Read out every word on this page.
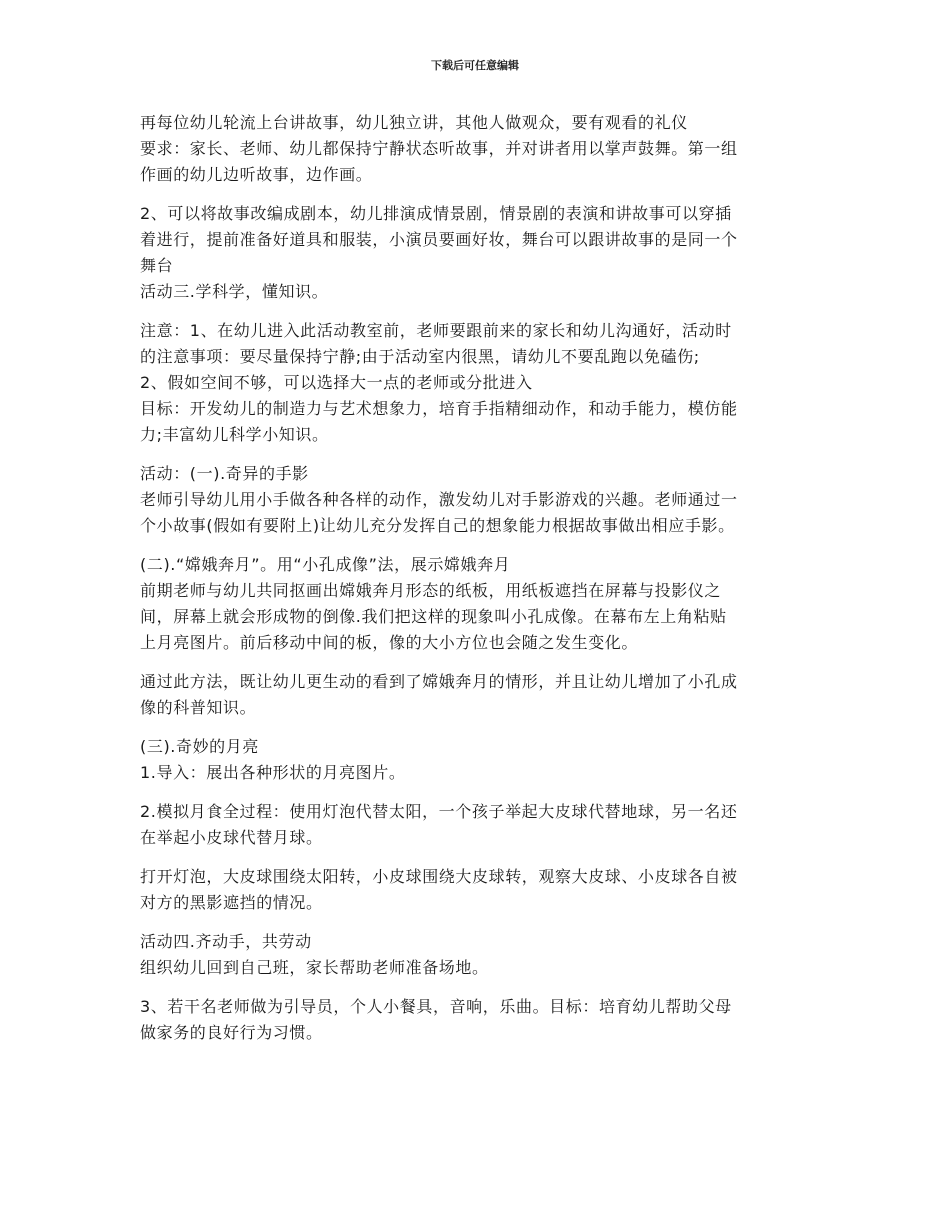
下载后可任意编辑
再每位幼儿轮流上台讲故事，幼儿独立讲，其他人做观众，要有观看的礼仪
要求：家长、老师、幼儿都保持宁静状态听故事，并对讲者用以掌声鼓舞。第一组
作画的幼儿边听故事，边作画。
2、可以将故事改编成剧本，幼儿排演成情景剧，情景剧的表演和讲故事可以穿插
着进行，提前准备好道具和服装，小演员要画好妆，舞台可以跟讲故事的是同一个
舞台
活动三.学科学，懂知识。
注意：1、在幼儿进入此活动教室前，老师要跟前来的家长和幼儿沟通好，活动时
的注意事项：要尽量保持宁静;由于活动室内很黑，请幼儿不要乱跑以免磕伤;
2、假如空间不够，可以选择大一点的老师或分批进入
目标：开发幼儿的制造力与艺术想象力，培育手指精细动作，和动手能力，模仿能
力;丰富幼儿科学小知识。
活动：(一).奇异的手影
老师引导幼儿用小手做各种各样的动作，激发幼儿对手影游戏的兴趣。老师通过一
个小故事(假如有要附上)让幼儿充分发挥自己的想象能力根据故事做出相应手影。
(二).“嫦娥奔月”。用“小孔成像”法，展示嫦娥奔月
前期老师与幼儿共同抠画出嫦娥奔月形态的纸板，用纸板遮挡在屏幕与投影仪之
间，屏幕上就会形成物的倒像.我们把这样的现象叫小孔成像。在幕布左上角粘贴
上月亮图片。前后移动中间的板，像的大小方位也会随之发生变化。
通过此方法，既让幼儿更生动的看到了嫦娥奔月的情形，并且让幼儿增加了小孔成
像的科普知识。
(三).奇妙的月亮
1.导入：展出各种形状的月亮图片。
2.模拟月食全过程：使用灯泡代替太阳，一个孩子举起大皮球代替地球，另一名还
在举起小皮球代替月球。
打开灯泡，大皮球围绕太阳转，小皮球围绕大皮球转，观察大皮球、小皮球各自被
对方的黑影遮挡的情况。
活动四.齐动手，共劳动
组织幼儿回到自己班，家长帮助老师准备场地。
3、若干名老师做为引导员，个人小餐具，音响，乐曲。目标：培育幼儿帮助父母
做家务的良好行为习惯。
